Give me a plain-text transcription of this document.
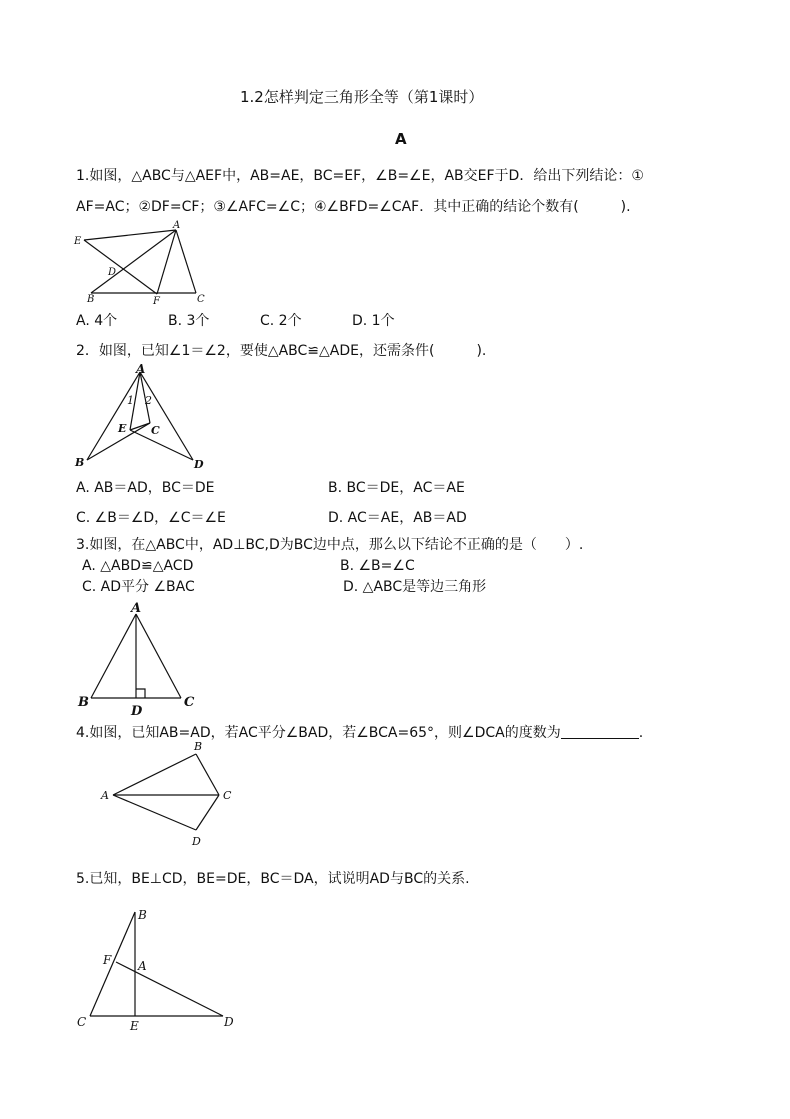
1.2怎样判定三角形全等（第1课时）
A
1.如图，△ABC与△AEF中，AB=AE，BC=EF，∠B=∠E，AB交EF于D．给出下列结论：①
AF=AC；②DF=CF；③∠AFC=∠C；④∠BFD=∠CAF．其中正确的结论个数有(　　　).
E
A
D
B	F	C
A. 4个	B. 3个	C. 2个	D. 1个
2．如图，已知∠1＝∠2，要使△ABC≌△ADE，还需条件(　　　).
A
1 2
E C
B	D
A. AB＝AD，BC＝DE	B. BC＝DE，AC＝AE
C. ∠B＝∠D，∠C＝∠E	D. AC＝AE，AB＝AD
3.如图，在△ABC中，AD⊥BC,D为BC边中点，那么以下结论不正确的是（　　）.
A. △ABD≌△ACD	B. ∠B=∠C
C. AD平分 ∠BAC	D. △ABC是等边三角形
A
B
D
C
4.如图，已知AB=AD，若AC平分∠BAD，若∠BCA=65°，则∠DCA的度数为	.
B
A	C
D
5.已知，BE⊥CD，BE=DE，BC＝DA，试说明AD与BC的关系.
B
F A
C	E	D
